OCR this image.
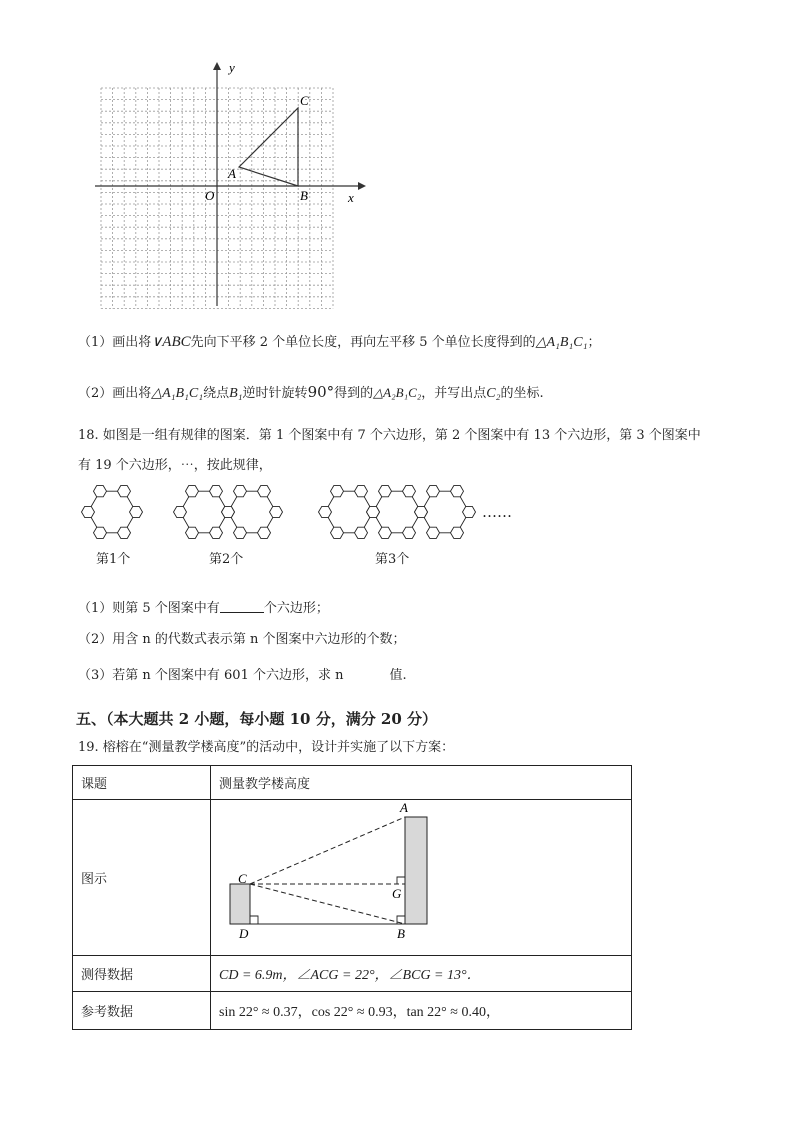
y
x
O
A
B
C
（1）画出将∨ABC先向下平移 2 个单位长度，再向左平移 5 个单位长度得到的△A₁B₁C₁；
（2）画出将△A₁B₁C₁绕点B₁逆时针旋转90°得到的△A₂B₁C₂，并写出点C₂的坐标.
18. 如图是一组有规律的图案．第 1 个图案中有 7 个六边形，第 2 个图案中有 13 个六边形，第 3 个图案中
有 19 个六边形，⋯，按此规律，
……
第1个	第2个	第3个
（1）则第 5 个图案中有	个六边形；
（2）用含 n 的代数式表示第 n 个图案中六边形的个数；
（3）若第 n 个图案中有 601 个六边形，求 n	值.
五、（本大题共 2 小题，每小题 10 分，满分 20 分）
19. 榕榕在“测量教学楼高度”的活动中，设计并实施了以下方案：
课题	测量教学楼高度
图示	A
C
G
D B

测得数据	CD = 6.9m，∠ACG = 22°，∠BCG = 13°．
参考数据	sin 22° ≈ 0.37，cos 22° ≈ 0.93，tan 22° ≈ 0.40，
